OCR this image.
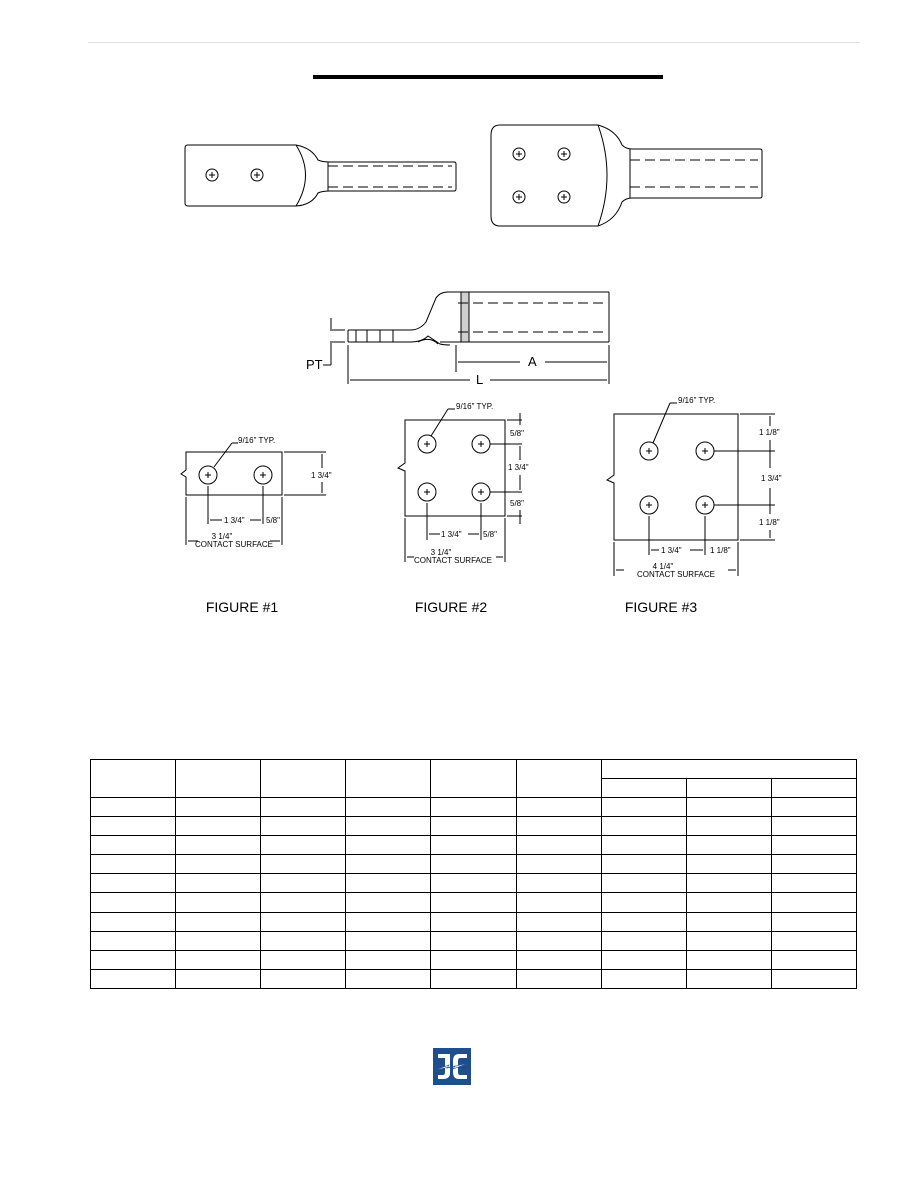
PT	A
L
9/16" TYP.
1 3/4"
1 3/4"	5/8"
3 1/4"
CONTACT SURFACE
9/16" TYP.
5/8"
1 3/4"
5/8"
1 3/4"	5/8"
3 1/4"
CONTACT SURFACE
9/16" TYP.
1 1/8"
1 3/4"
1 1/8"
1 3/4"	1 1/8"
4 1/4"
CONTACT SURFACE
FIGURE #1	FIGURE #2	FIGURE #3
